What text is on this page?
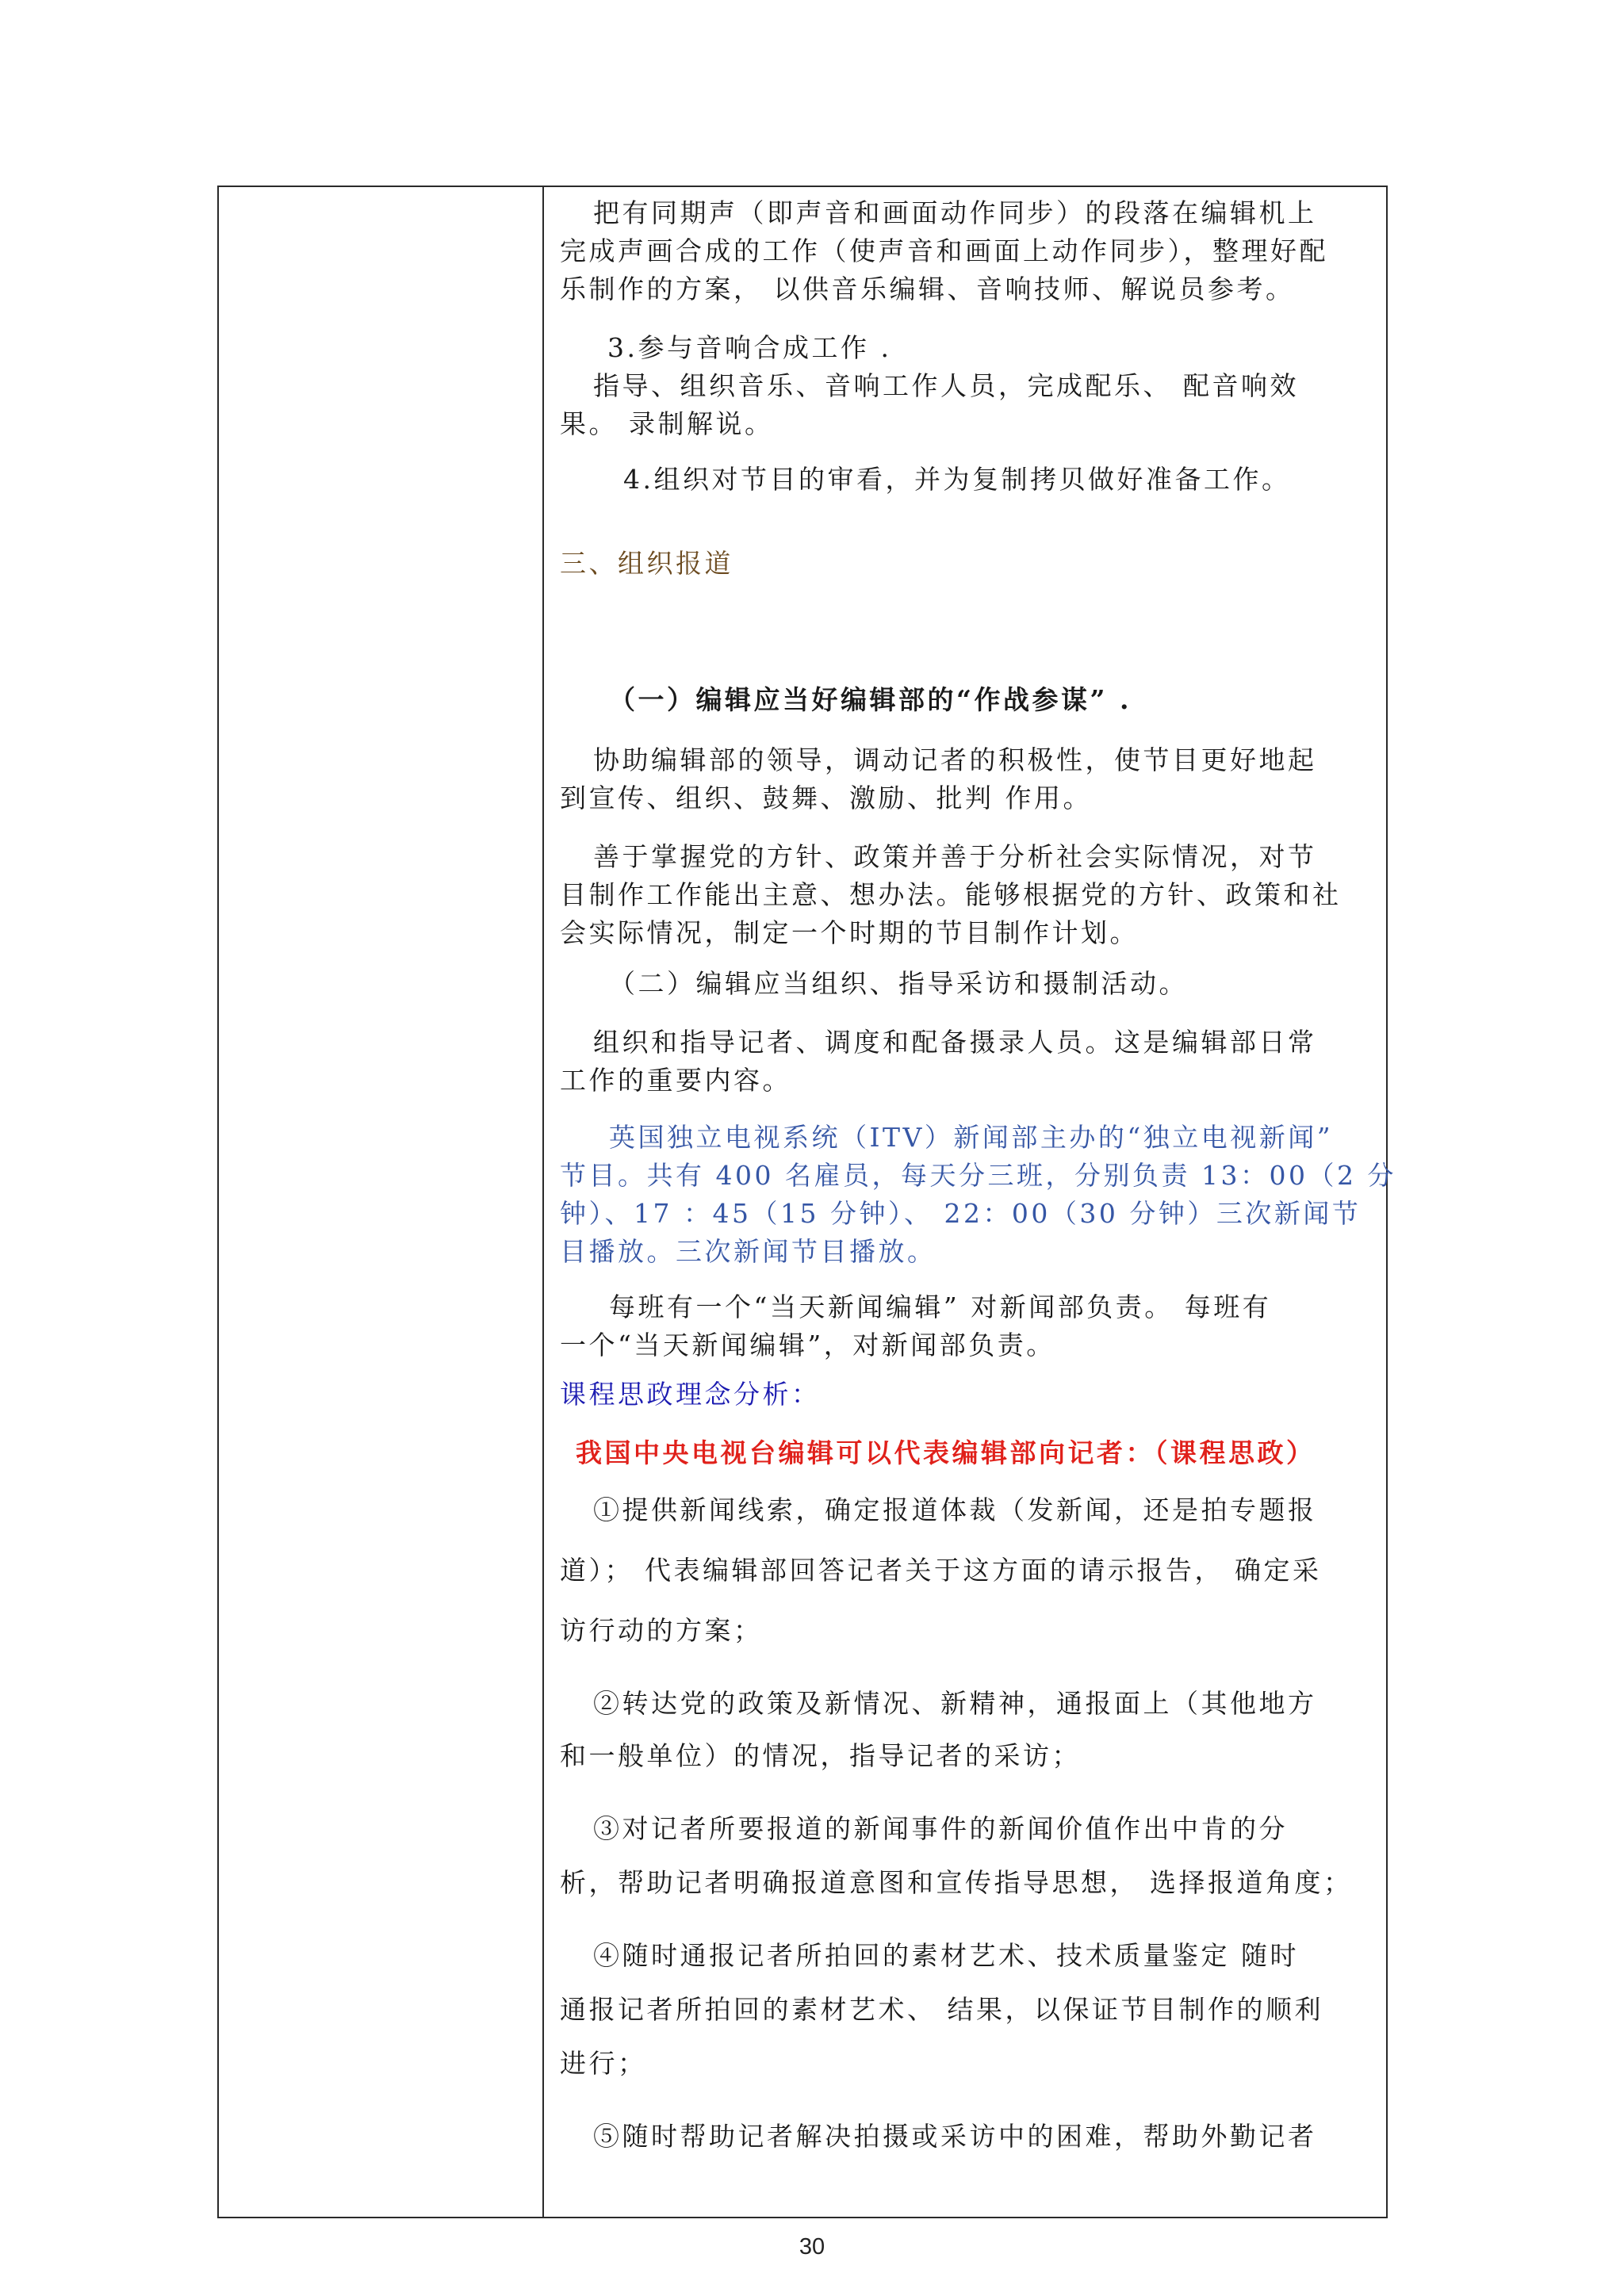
把有同期声（即声音和画面动作同步）的段落在编辑机上
完成声画合成的工作（使声音和画面上动作同步），整理好配
乐制作的方案， 以供音乐编辑、音响技师、解说员参考。
3.参与音响合成工作 .
指导、组织音乐、音响工作人员，完成配乐、 配音响效
果。 录制解说。
4.组织对节目的审看，并为复制拷贝做好准备工作。
三、组织报道
（一）编辑应当好编辑部的“作战参谋” .
协助编辑部的领导，调动记者的积极性，使节目更好地起
到宣传、组织、鼓舞、激励、批判 作用。
善于掌握党的方针、政策并善于分析社会实际情况，对节
目制作工作能出主意、想办法。能够根据党的方针、政策和社
会实际情况，制定一个时期的节目制作计划。
（二）编辑应当组织、指导采访和摄制活动。
组织和指导记者、调度和配备摄录人员。这是编辑部日常
工作的重要内容。
英国独立电视系统（ITV）新闻部主办的“独立电视新闻”
节目。共有 400 名雇员，每天分三班，分别负责 13：00（2 分
钟）、17 ：45（15 分钟）、 22：00（30 分钟）三次新闻节
目播放。三次新闻节目播放。
每班有一个“当天新闻编辑” 对新闻部负责。 每班有
一个“当天新闻编辑”，对新闻部负责。
课程思政理念分析：
我国中央电视台编辑可以代表编辑部向记者：（课程思政）
①提供新闻线索，确定报道体裁（发新闻，还是拍专题报
道）； 代表编辑部回答记者关于这方面的请示报告， 确定采
访行动的方案；
②转达党的政策及新情况、新精神，通报面上（其他地方
和一般单位）的情况，指导记者的采访；
③对记者所要报道的新闻事件的新闻价值作出中肯的分
析，帮助记者明确报道意图和宣传指导思想， 选择报道角度；
④随时通报记者所拍回的素材艺术、技术质量鉴定 随时
通报记者所拍回的素材艺术、 结果，以保证节目制作的顺利
进行；
⑤随时帮助记者解决拍摄或采访中的困难，帮助外勤记者
30
